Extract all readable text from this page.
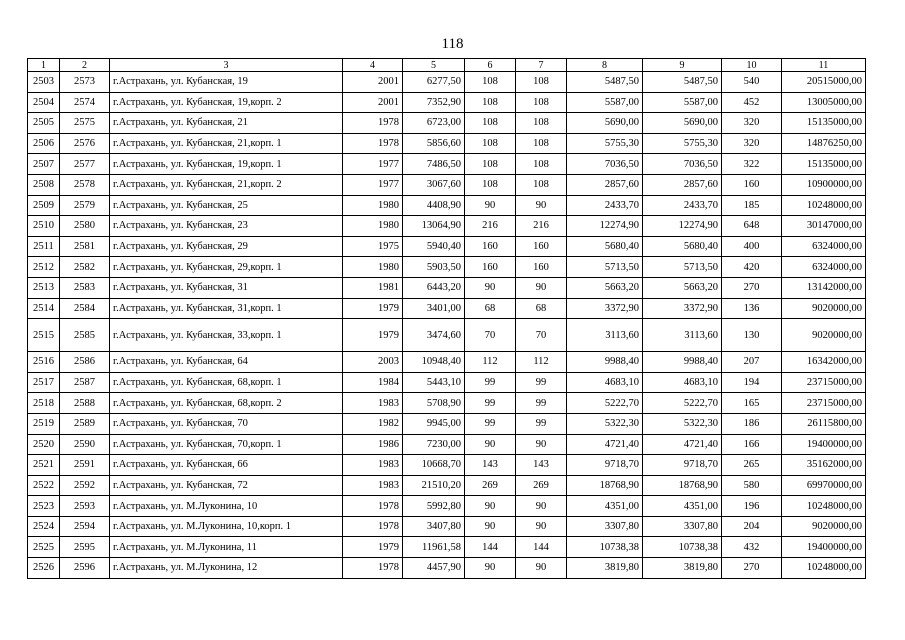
118
1	2	3	4	5	6	7	8	9	10	11
2503	2573	г.Астрахань, ул. Кубанская, 19	2001	6277,50	108	108	5487,50	5487,50	540	20515000,00
2504	2574	г.Астрахань, ул. Кубанская, 19,корп. 2	2001	7352,90	108	108	5587,00	5587,00	452	13005000,00
2505	2575	г.Астрахань, ул. Кубанская, 21	1978	6723,00	108	108	5690,00	5690,00	320	15135000,00
2506	2576	г.Астрахань, ул. Кубанская, 21,корп. 1	1978	5856,60	108	108	5755,30	5755,30	320	14876250,00
2507	2577	г.Астрахань, ул. Кубанская, 19,корп. 1	1977	7486,50	108	108	7036,50	7036,50	322	15135000,00
2508	2578	г.Астрахань, ул. Кубанская, 21,корп. 2	1977	3067,60	108	108	2857,60	2857,60	160	10900000,00
2509	2579	г.Астрахань, ул. Кубанская, 25	1980	4408,90	90	90	2433,70	2433,70	185	10248000,00
2510	2580	г.Астрахань, ул. Кубанская, 23	1980	13064,90	216	216	12274,90	12274,90	648	30147000,00
2511	2581	г.Астрахань, ул. Кубанская, 29	1975	5940,40	160	160	5680,40	5680,40	400	6324000,00
2512	2582	г.Астрахань, ул. Кубанская, 29,корп. 1	1980	5903,50	160	160	5713,50	5713,50	420	6324000,00
2513	2583	г.Астрахань, ул. Кубанская, 31	1981	6443,20	90	90	5663,20	5663,20	270	13142000,00
2514	2584	г.Астрахань, ул. Кубанская, 31,корп. 1	1979	3401,00	68	68	3372,90	3372,90	136	9020000,00
2515	2585	г.Астрахань, ул. Кубанская, 33,корп. 1	1979	3474,60	70	70	3113,60	3113,60	130	9020000,00
2516	2586	г.Астрахань, ул. Кубанская, 64	2003	10948,40	112	112	9988,40	9988,40	207	16342000,00
2517	2587	г.Астрахань, ул. Кубанская, 68,корп. 1	1984	5443,10	99	99	4683,10	4683,10	194	23715000,00
2518	2588	г.Астрахань, ул. Кубанская, 68,корп. 2	1983	5708,90	99	99	5222,70	5222,70	165	23715000,00
2519	2589	г.Астрахань, ул. Кубанская, 70	1982	9945,00	99	99	5322,30	5322,30	186	26115800,00
2520	2590	г.Астрахань, ул. Кубанская, 70,корп. 1	1986	7230,00	90	90	4721,40	4721,40	166	19400000,00
2521	2591	г.Астрахань, ул. Кубанская, 66	1983	10668,70	143	143	9718,70	9718,70	265	35162000,00
2522	2592	г.Астрахань, ул. Кубанская, 72	1983	21510,20	269	269	18768,90	18768,90	580	69970000,00
2523	2593	г.Астрахань, ул. М.Луконина, 10	1978	5992,80	90	90	4351,00	4351,00	196	10248000,00
2524	2594	г.Астрахань, ул. М.Луконина, 10,корп. 1	1978	3407,80	90	90	3307,80	3307,80	204	9020000,00
2525	2595	г.Астрахань, ул. М.Луконина, 11	1979	11961,58	144	144	10738,38	10738,38	432	19400000,00
2526	2596	г.Астрахань, ул. М.Луконина, 12	1978	4457,90	90	90	3819,80	3819,80	270	10248000,00
